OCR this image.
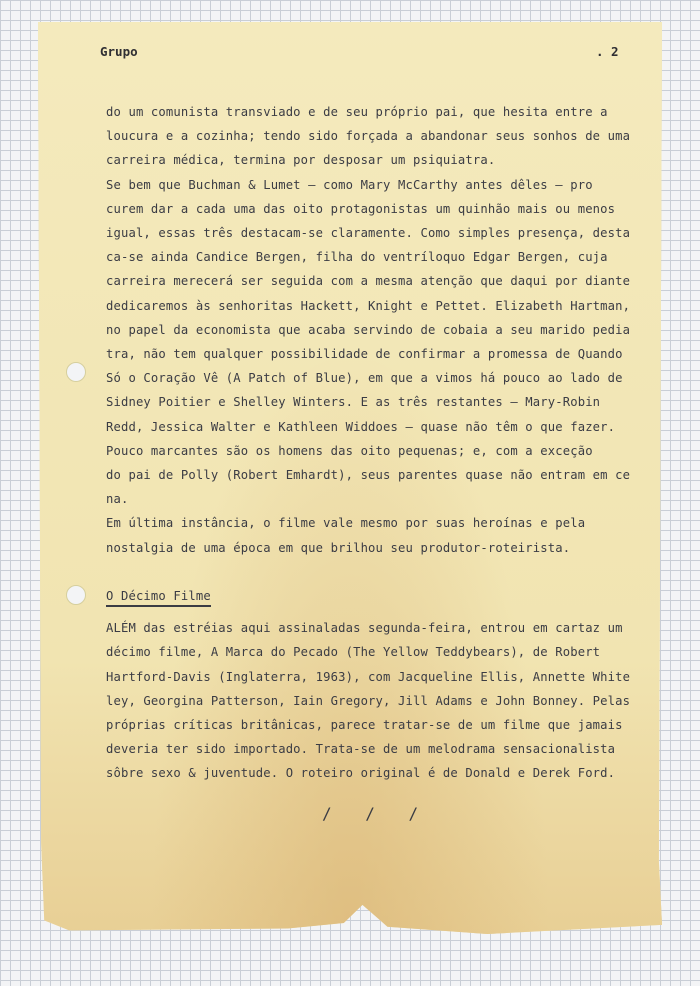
Grupo	. 2
do um comunista transviado e de seu próprio pai, que hesita entre a
loucura e a cozinha; tendo sido forçada a abandonar seus sonhos de uma
carreira médica, termina por desposar um psiquiatra.
Se bem que Buchman & Lumet — como Mary McCarthy antes dêles — pro
curem dar a cada uma das oito protagonistas um quinhão mais ou menos
igual, essas três destacam-se claramente. Como simples presença, desta
ca-se ainda Candice Bergen, filha do ventríloquo Edgar Bergen, cuja
carreira merecerá ser seguida com a mesma atenção que daqui por diante
dedicaremos às senhoritas Hackett, Knight e Pettet. Elizabeth Hartman,
no papel da economista que acaba servindo de cobaia a seu marido pedia
tra, não tem qualquer possibilidade de confirmar a promessa de Quando
Só o Coração Vê (A Patch of Blue), em que a vimos há pouco ao lado de
Sidney Poitier e Shelley Winters. E as três restantes — Mary-Robin
Redd, Jessica Walter e Kathleen Widdoes — quase não têm o que fazer.
Pouco marcantes são os homens das oito pequenas; e, com a exceção
do pai de Polly (Robert Emhardt), seus parentes quase não entram em ce
na.
Em última instância, o filme vale mesmo por suas heroínas e pela
nostalgia de uma época em que brilhou seu produtor-roteirista.
O Décimo Filme
ALÉM das estréias aqui assinaladas segunda-feira, entrou em cartaz um
décimo filme, A Marca do Pecado (The Yellow Teddybears), de Robert
Hartford-Davis (Inglaterra, 1963), com Jacqueline Ellis, Annette White
ley, Georgina Patterson, Iain Gregory, Jill Adams e John Bonney. Pelas
próprias críticas britânicas, parece tratar-se de um filme que jamais
deveria ter sido importado. Trata-se de um melodrama sensacionalista
sôbre sexo & juventude. O roteiro original é de Donald e Derek Ford.
/ / /
